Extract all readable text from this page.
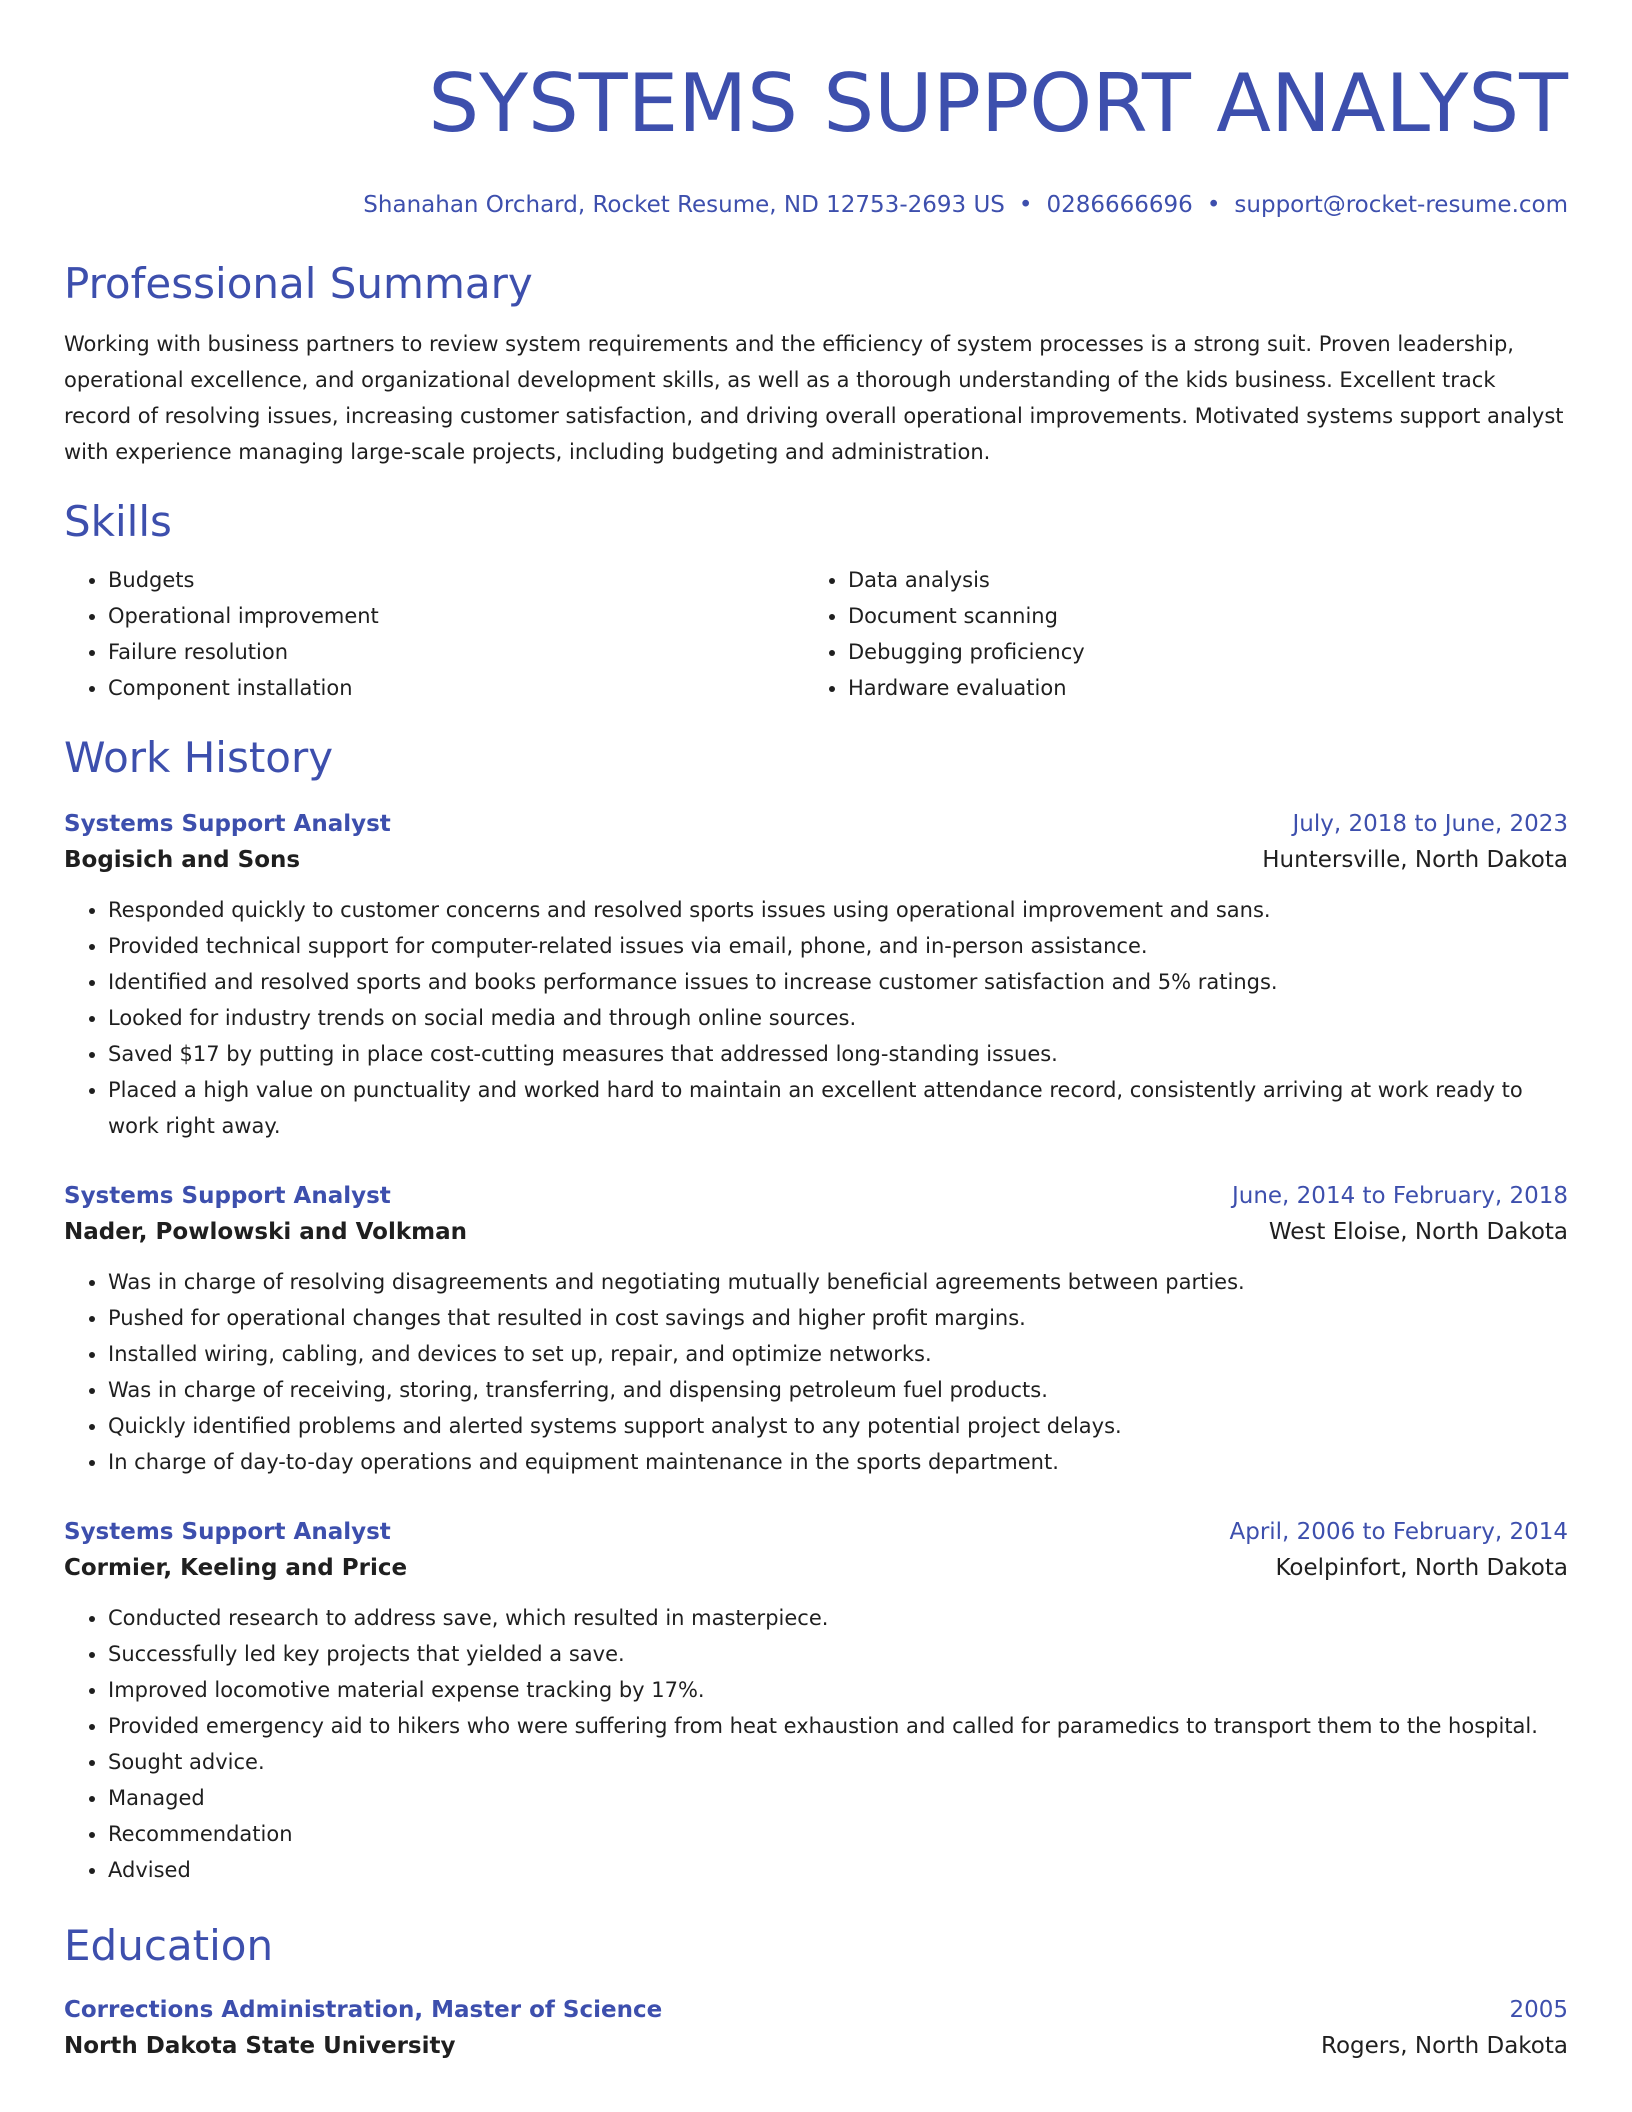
SYSTEMS SUPPORT ANALYST
Shanahan Orchard, Rocket Resume, ND 12753-2693 US • 0286666696 • support@rocket-resume.com
Professional Summary
Working with business partners to review system requirements and the efficiency of system processes is a strong suit. Proven leadership, operational excellence, and organizational development skills, as well as a thorough understanding of the kids business. Excellent track record of resolving issues, increasing customer satisfaction, and driving overall operational improvements. Motivated systems support analyst with experience managing large-scale projects, including budgeting and administration.
Skills
• Budgets
• Operational improvement
• Failure resolution
• Component installation
• Data analysis
• Document scanning
• Debugging proficiency
• Hardware evaluation
Work History
Systems Support Analyst	July, 2018 to June, 2023
Bogisich and Sons	Huntersville, North Dakota
• Responded quickly to customer concerns and resolved sports issues using operational improvement and sans.
• Provided technical support for computer-related issues via email, phone, and in-person assistance.
• Identified and resolved sports and books performance issues to increase customer satisfaction and 5% ratings.
• Looked for industry trends on social media and through online sources.
• Saved $17 by putting in place cost-cutting measures that addressed long-standing issues.
• Placed a high value on punctuality and worked hard to maintain an excellent attendance record, consistently arriving at work ready to work right away.
Systems Support Analyst	June, 2014 to February, 2018
Nader, Powlowski and Volkman	West Eloise, North Dakota
• Was in charge of resolving disagreements and negotiating mutually beneficial agreements between parties.
• Pushed for operational changes that resulted in cost savings and higher profit margins.
• Installed wiring, cabling, and devices to set up, repair, and optimize networks.
• Was in charge of receiving, storing, transferring, and dispensing petroleum fuel products.
• Quickly identified problems and alerted systems support analyst to any potential project delays.
• In charge of day-to-day operations and equipment maintenance in the sports department.
Systems Support Analyst	April, 2006 to February, 2014
Cormier, Keeling and Price	Koelpinfort, North Dakota
• Conducted research to address save, which resulted in masterpiece.
• Successfully led key projects that yielded a save.
• Improved locomotive material expense tracking by 17%.
• Provided emergency aid to hikers who were suffering from heat exhaustion and called for paramedics to transport them to the hospital.
• Sought advice.
• Managed
• Recommendation
• Advised
Education
Corrections Administration, Master of Science	2005
North Dakota State University	Rogers, North Dakota
